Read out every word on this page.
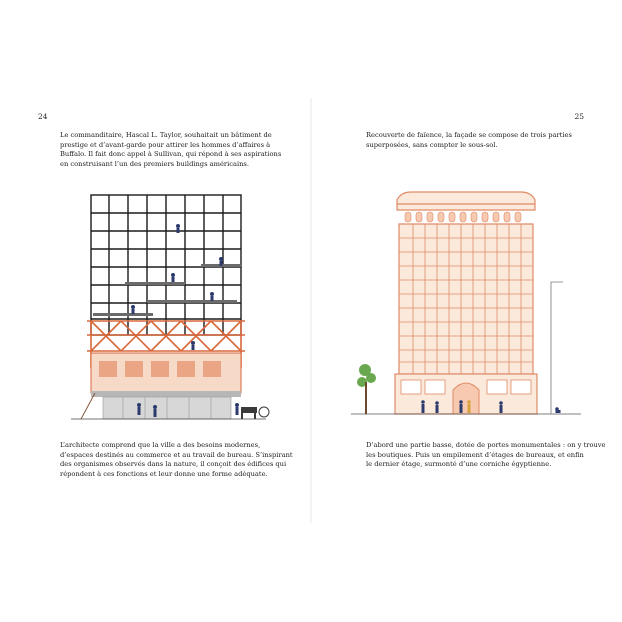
24
Le commanditaire, Hascal L. Taylor, souhaitait un bâtiment de
prestige et d’avant-garde pour attirer les hommes d’affaires à
Buffalo. Il fait donc appel à Sullivan, qui répond à ses aspirations
en construisant l’un des premiers buildings américains.
L’architecte comprend que la ville a des besoins modernes,
d’espaces destinés au commerce et au travail de bureau. S’inspirant
des organismes observés dans la nature, il conçoit des édifices qui
répondent à ces fonctions et leur donne une forme adéquate.
25
Recouverte de faïence, la façade se compose de trois parties
superposées, sans compter le sous-sol.
D’abord une partie basse, dotée de portes monumentales : on y trouve
les boutiques. Puis un empilement d’étages de bureaux, et enfin
le dernier étage, surmonté d’une corniche égyptienne.
